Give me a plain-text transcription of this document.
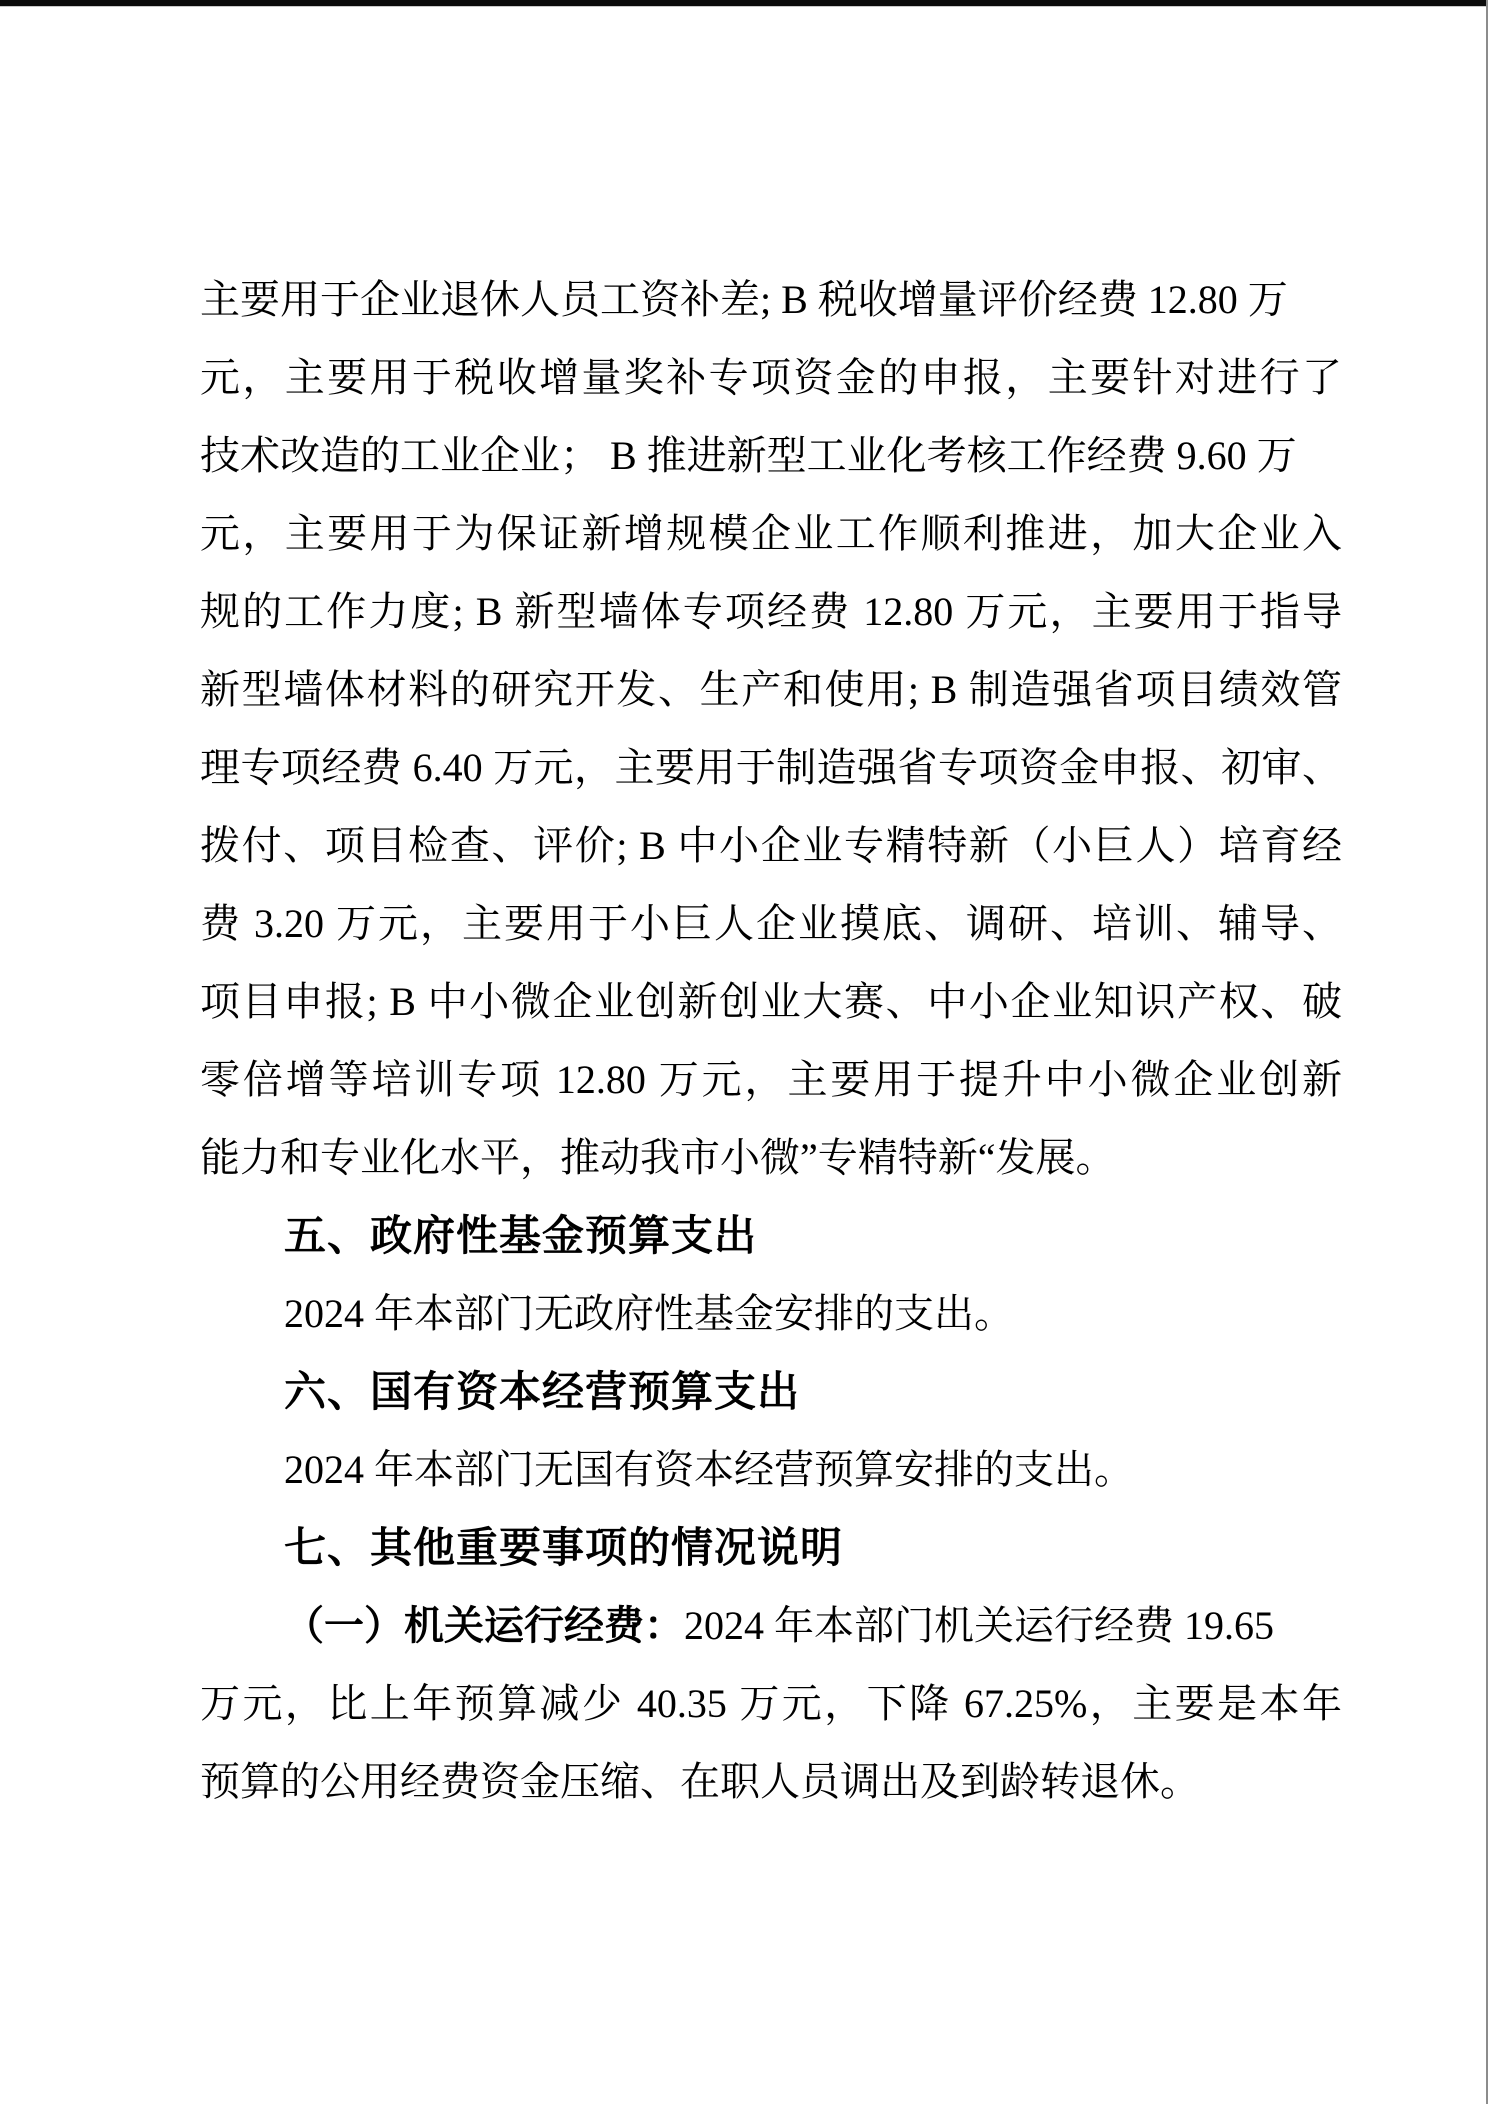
主要用于企业退休人员工资补差; B 税收增量评价经费 12.80 万

元，主要用于税收增量奖补专项资金的申报，主要针对进行了

技术改造的工业企业； B 推进新型工业化考核工作经费 9.60 万

元，主要用于为保证新增规模企业工作顺利推进，加大企业入

规的工作力度; B 新型墙体专项经费 12.80 万元，主要用于指导

新型墙体材料的研究开发、生产和使用; B 制造强省项目绩效管

理专项经费 6.40 万元，主要用于制造强省专项资金申报、初审、

拨付、项目检查、评价; B 中小企业专精特新（小巨人）培育经

费 3.20 万元，主要用于小巨人企业摸底、调研、培训、辅导、

项目申报; B 中小微企业创新创业大赛、中小企业知识产权、破

零倍增等培训专项 12.80 万元，主要用于提升中小微企业创新

能力和专业化水平，推动我市小微”专精特新“发展。

五、政府性基金预算支出

2024 年本部门无政府性基金安排的支出。

六、国有资本经营预算支出

2024 年本部门无国有资本经营预算安排的支出。

七、其他重要事项的情况说明

（一）机关运行经费：2024 年本部门机关运行经费 19.65

万元，比上年预算减少 40.35 万元，下降 67.25%，主要是本年

预算的公用经费资金压缩、在职人员调出及到龄转退休。
